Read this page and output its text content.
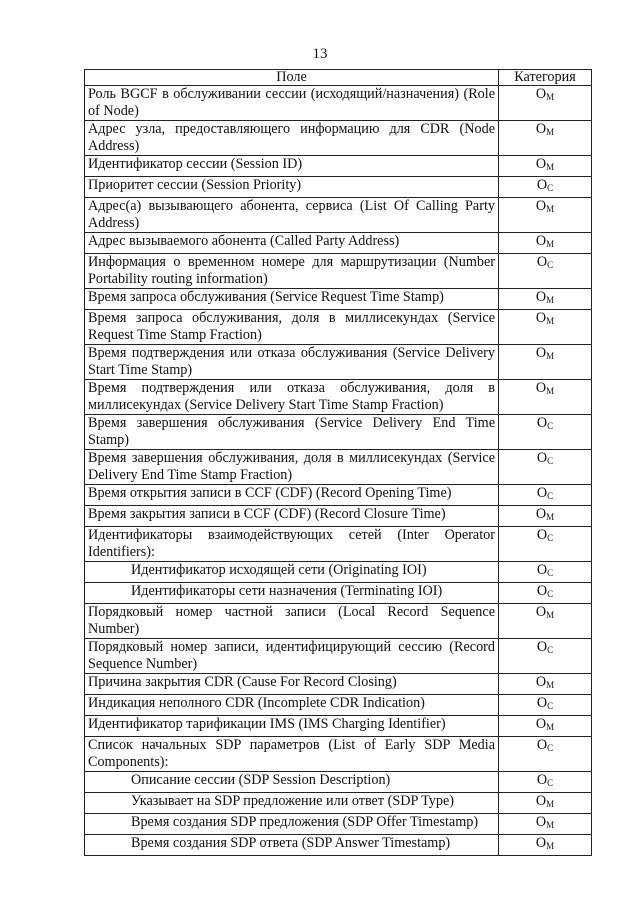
13
Поле	Категория
Роль BGCF в обслуживании сессии (исходящий/назначения) (Role of Node)	OM
Адрес узла, предоставляющего информацию для CDR (Node Address)	OM
Идентификатор сессии (Session ID)	OM
Приоритет сессии (Session Priority)	OC
Адрес(а) вызывающего абонента, сервиса (List Of Calling Party Address)	OM
Адрес вызываемого абонента (Called Party Address)	OM
Информация о временном номере для маршрутизации (Number Portability routing information)	OC
Время запроса обслуживания (Service Request Time Stamp)	OM
Время запроса обслуживания, доля в миллисекундах (Service Request Time Stamp Fraction)	OM
Время подтверждения или отказа обслуживания (Service Delivery Start Time Stamp)	OM
Время подтверждения или отказа обслуживания, доля в миллисекундах (Service Delivery Start Time Stamp Fraction)	OM
Время завершения обслуживания (Service Delivery End Time Stamp)	OC
Время завершения обслуживания, доля в миллисекундах (Service Delivery End Time Stamp Fraction)	OC
Время открытия записи в CCF (CDF) (Record Opening Time)	OC
Время закрытия записи в CCF (CDF) (Record Closure Time)	OM
Идентификаторы взаимодействующих сетей (Inter Operator Identifiers):	OC
Идентификатор исходящей сети (Originating IOI)	OC
Идентификаторы сети назначения (Terminating IOI)	OC
Порядковый номер частной записи (Local Record Sequence Number)	OM
Порядковый номер записи, идентифицирующий сессию (Record Sequence Number)	OC
Причина закрытия CDR (Cause For Record Closing)	OM
Индикация неполного CDR (Incomplete CDR Indication)	OC
Идентификатор тарификации IMS (IMS Charging Identifier)	OM
Список начальных SDP параметров (List of Early SDP Media Components):	OC
Описание сессии (SDP Session Description)	OC
Указывает на SDP предложение или ответ (SDP Type)	OM
Время создания SDP предложения (SDP Offer Timestamp)	OM
Время создания SDP ответа (SDP Answer Timestamp)	OM
